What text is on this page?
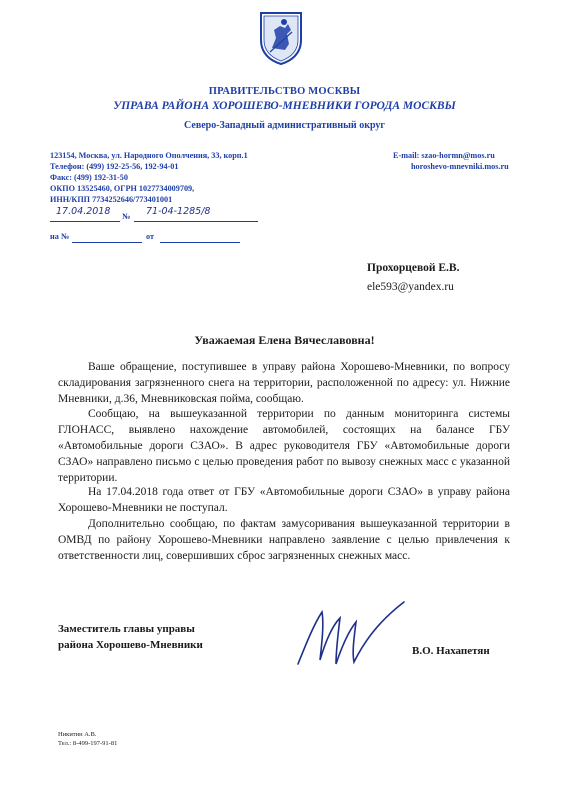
ПРАВИТЕЛЬСТВО МОСКВЫ
УПРАВА РАЙОНА ХОРОШЕВО-МНЕВНИКИ ГОРОДА МОСКВЫ
Северо-Западный административный округ
123154, Москва, ул. Народного Ополчения, 33, корп.1
Телефон: (499) 192-25-56, 192-94-01
Факс: (499) 192-31-50
ОКПО 13525460, ОГРН 1027734009709,
ИНН/КПП 7734252646/773401001
E-mail: szao-hormn@mos.ru
horoshevo-mnevniki.mos.ru
17.04.2018 № 71-04-1285/8
на №	от
Прохорцевой Е.В.
ele593@yandex.ru
Уважаемая Елена Вячеславовна!
Ваше обращение, поступившее в управу района Хорошево-Мневники, по вопросу складирования загрязненного снега на территории, расположенной по адресу: ул. Нижние Мневники, д.36, Мневниковская пойма, сообщаю.
Сообщаю, на вышеуказанной территории по данным мониторинга системы ГЛОНАСС, выявлено нахождение автомобилей, состоящих на балансе ГБУ «Автомобильные дороги СЗАО». В адрес руководителя ГБУ «Автомобильные дороги СЗАО» направлено письмо с целью проведения работ по вывозу снежных масс с указанной территории.
На 17.04.2018 года ответ от ГБУ «Автомобильные дороги СЗАО» в управу района Хорошево-Мневники не поступал.
Дополнительно сообщаю, по фактам замусоривания вышеуказанной территории в ОМВД по району Хорошево-Мневники направлено заявление с целью привлечения к ответственности лиц, совершивших сброс загрязненных снежных масс.
Заместитель главы управы
района Хорошево-Мневники	В.О. Нахапетян
Никитин А.В.
Тел.: 8-499-197-91-81
